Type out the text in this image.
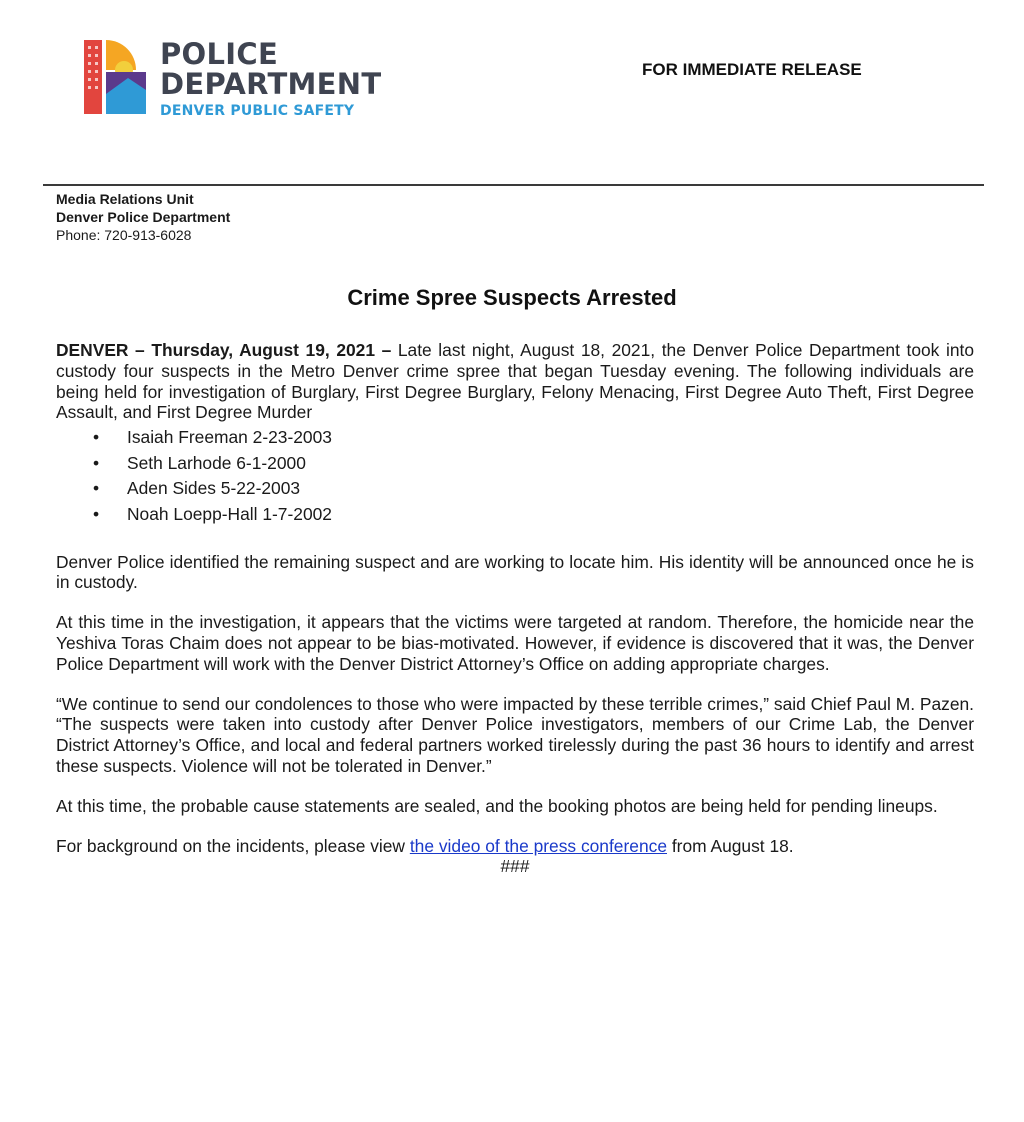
POLICE
DEPARTMENT
DENVER PUBLIC SAFETY
FOR IMMEDIATE RELEASE
Media Relations Unit
Denver Police Department
Phone: 720-913-6028
Crime Spree Suspects Arrested

DENVER – Thursday, August 19, 2021 – Late last night, August 18, 2021, the Denver Police Department took into custody four suspects in the Metro Denver crime spree that began Tuesday evening. The following individuals are being held for investigation of Burglary, First Degree Burglary, Felony Menacing, First Degree Auto Theft, First Degree Assault, and First Degree Murder

• Isaiah Freeman 2-23-2003
• Seth Larhode 6-1-2000
• Aden Sides 5-22-2003
• Noah Loepp-Hall 1-7-2002

Denver Police identified the remaining suspect and are working to locate him. His identity will be announced once he is in custody.

At this time in the investigation, it appears that the victims were targeted at random. Therefore, the homicide near the Yeshiva Toras Chaim does not appear to be bias-motivated. However, if evidence is discovered that it was, the Denver Police Department will work with the Denver District Attorney’s Office on adding appropriate charges.

“We continue to send our condolences to those who were impacted by these terrible crimes,” said Chief Paul M. Pazen. “The suspects were taken into custody after Denver Police investigators, members of our Crime Lab, the Denver District Attorney’s Office, and local and federal partners worked tirelessly during the past 36 hours to identify and arrest these suspects. Violence will not be tolerated in Denver.”

At this time, the probable cause statements are sealed, and the booking photos are being held for pending lineups.

For background on the incidents, please view the video of the press conference from August 18.

###
